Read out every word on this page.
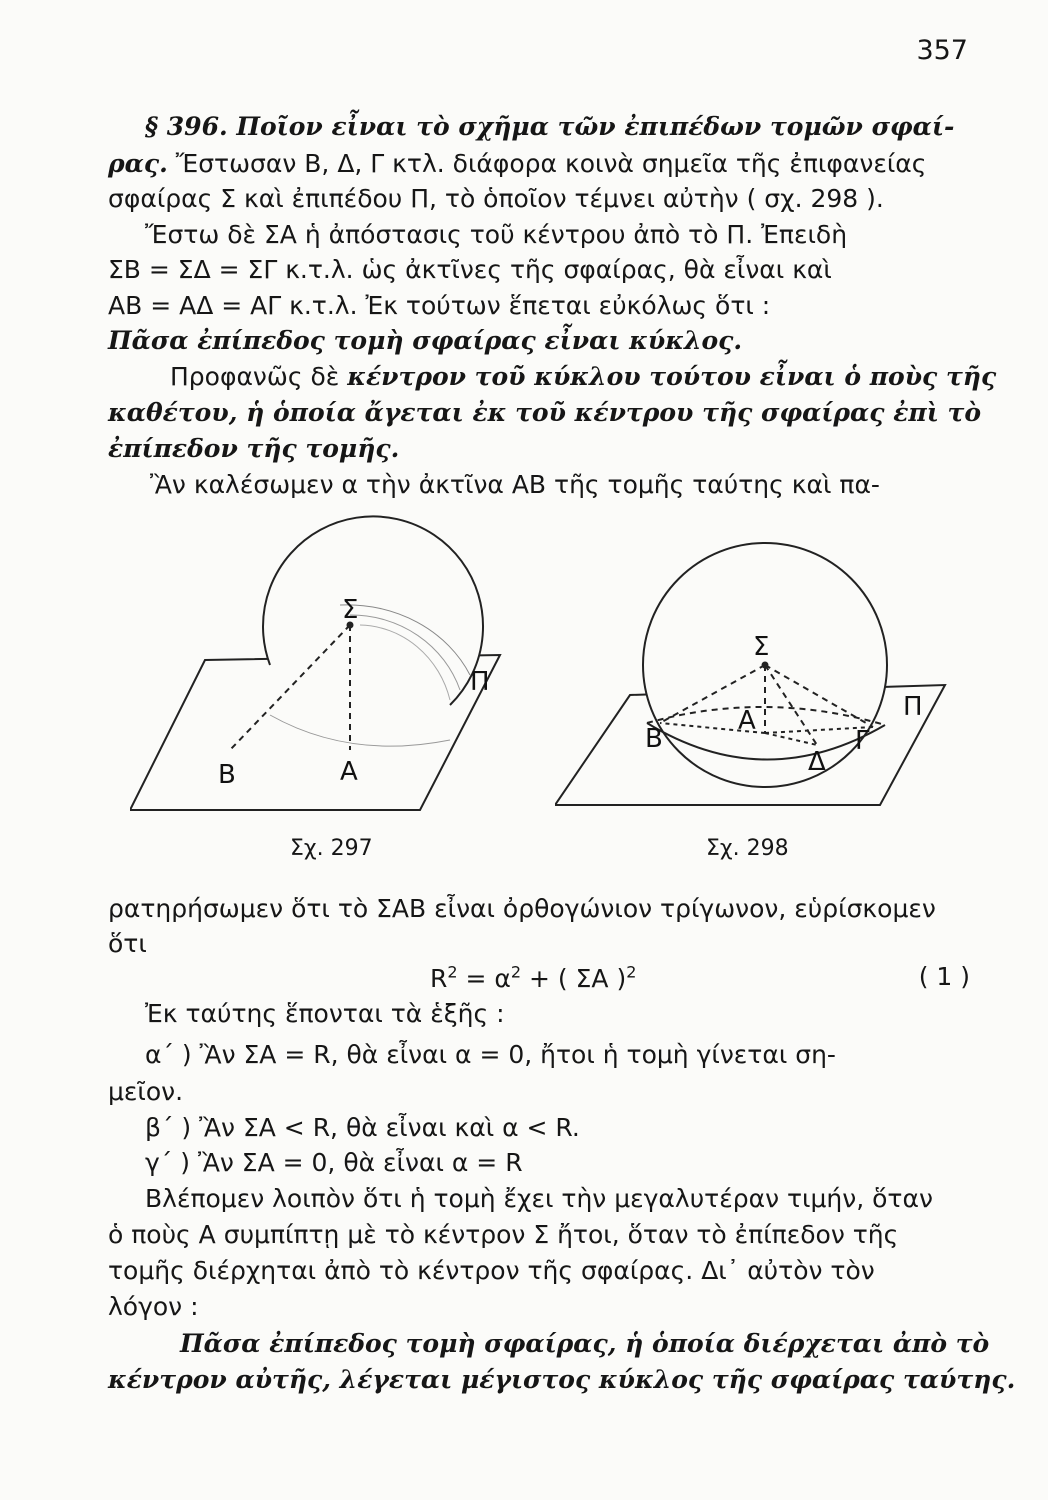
357
§ 396. Ποῖον εἶναι τὸ σχῆμα τῶν ἐπιπέδων τομῶν σφαί-
ρας. Ἔστωσαν Β, Δ, Γ κτλ. διάφορα κοινὰ σημεῖα τῆς ἐπιφανείας
σφαίρας Σ καὶ ἐπιπέδου Π, τὸ ὁποῖον τέμνει αὐτὴν ( σχ. 298 ).
Ἔστω δὲ ΣΑ ἡ ἀπόστασις τοῦ κέντρου ἀπὸ τὸ Π. Ἐπειδὴ
ΣΒ = ΣΔ = ΣΓ κ.τ.λ. ὡς ἀκτῖνες τῆς σφαίρας, θὰ εἶναι καὶ
ΑΒ = ΑΔ = ΑΓ κ.τ.λ. Ἐκ τούτων ἕπεται εὐκόλως ὅτι :
Πᾶσα ἐπίπεδος τομὴ σφαίρας εἶναι κύκλος.
Προφανῶς δὲ κέντρον τοῦ κύκλου τούτου εἶναι ὁ ποὺς τῆς
καθέτου, ἡ ὁποία ἄγεται ἐκ τοῦ κέντρου τῆς σφαίρας ἐπὶ τὸ
ἐπίπεδον τῆς τομῆς.
Ἂν καλέσωμεν α τὴν ἀκτῖνα ΑΒ τῆς τομῆς ταύτης καὶ πα-
Σ
Π
Β	Α
Σχ. 297
Σ
Π
Α
Β	Γ
Δ
Σχ. 298
ρατηρήσωμεν ὅτι τὸ ΣΑΒ εἶναι ὀρθογώνιον τρίγωνον, εὑρίσκομεν
ὅτι
$R^2 = \alpha^2$ + ( ΣΑ )$^2$	( 1 )
Ἐκ ταύτης ἕπονται τὰ ἑξῆς :
α΄ ) Ἂν ΣΑ = R, θὰ εἶναι α = 0, ἤτοι ἡ τομὴ γίνεται ση-
μεῖον.
β΄ ) Ἂν ΣΑ < R, θὰ εἶναι καὶ α < R.
γ΄ ) Ἂν ΣΑ = 0, θὰ εἶναι α = R
Βλέπομεν λοιπὸν ὅτι ἡ τομὴ ἔχει τὴν μεγαλυτέραν τιμήν, ὅταν
ὁ ποὺς Α συμπίπτῃ μὲ τὸ κέντρον Σ ἤτοι, ὅταν τὸ ἐπίπεδον τῆς
τομῆς διέρχηται ἀπὸ τὸ κέντρον τῆς σφαίρας. Δι᾿ αὐτὸν τὸν
λόγον :
Πᾶσα ἐπίπεδος τομὴ σφαίρας, ἡ ὁποία διέρχεται ἀπὸ τὸ
κέντρον αὐτῆς, λέγεται μέγιστος κύκλος τῆς σφαίρας ταύτης.
